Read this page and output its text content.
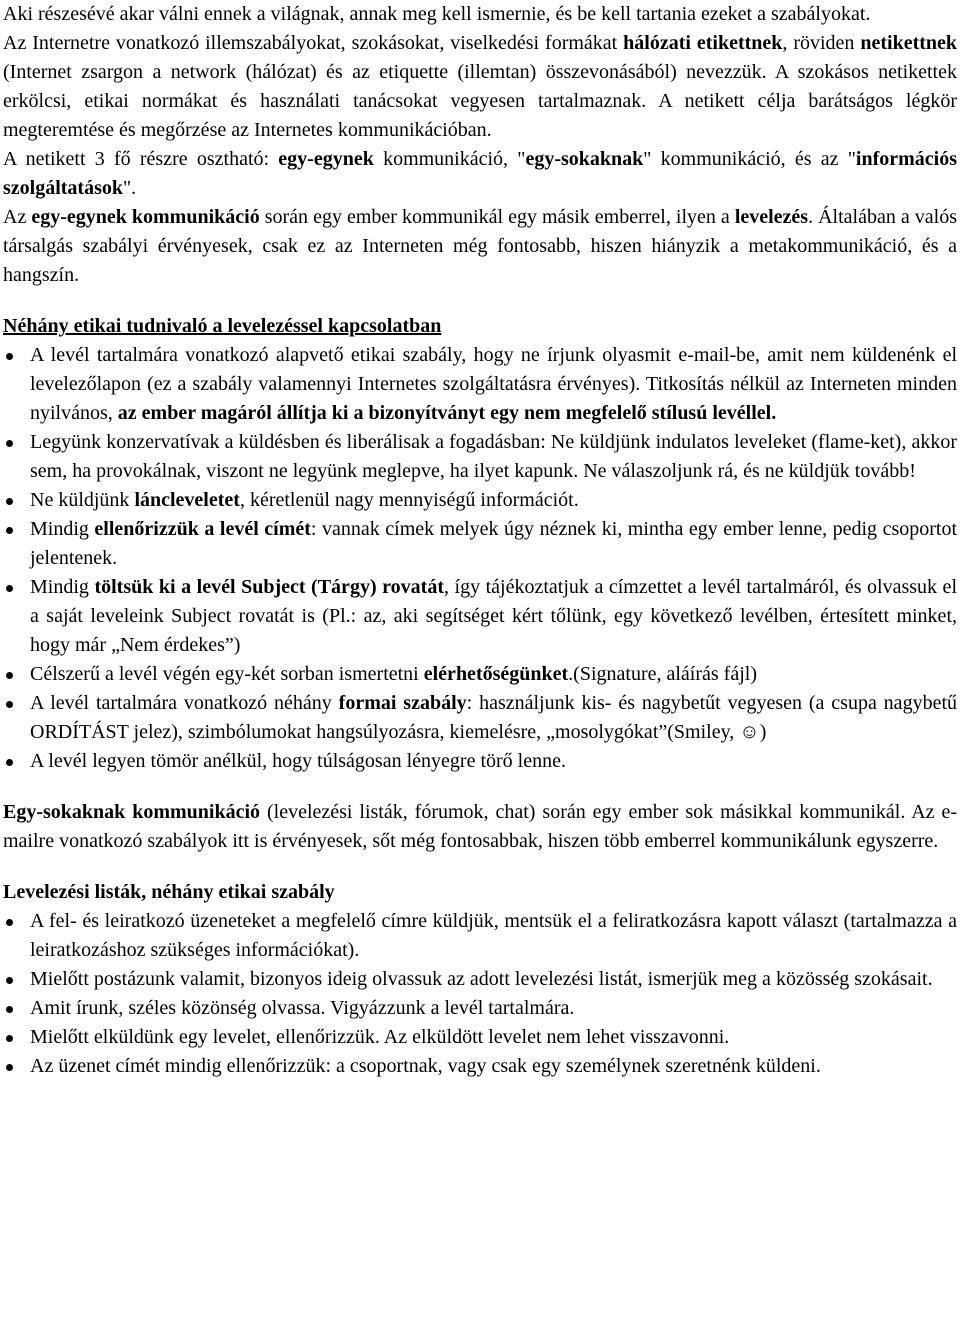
Aki részesévé akar válni ennek a világnak, annak meg kell ismernie, és be kell tartania ezeket a szabályokat.

Az Internetre vonatkozó illemszabályokat, szokásokat, viselkedési formákat hálózati etikettnek, röviden netikettnek (Internet zsargon a network (hálózat) és az etiquette (illemtan) összevonásából) nevezzük. A szokásos netikettek erkölcsi, etikai normákat és használati tanácsokat vegyesen tartalmaznak. A netikett célja barátságos légkör megteremtése és megőrzése az Internetes kommunikációban.

A netikett 3 fő részre osztható: egy-egynek kommunikáció, "egy-sokaknak" kommunikáció, és az "információs szolgáltatások".

Az egy-egynek kommunikáció során egy ember kommunikál egy másik emberrel, ilyen a levelezés. Általában a valós társalgás szabályi érvényesek, csak ez az Interneten még fontosabb, hiszen hiányzik a metakommunikáció, és a hangszín.

Néhány etikai tudnivaló a levelezéssel kapcsolatban
A levél tartalmára vonatkozó alapvető etikai szabály, hogy ne írjunk olyasmit e-mail-be, amit nem küldenénk el levelezőlapon (ez a szabály valamennyi Internetes szolgáltatásra érvényes). Titkosítás nélkül az Interneten minden nyilvános, az ember magáról állítja ki a bizonyítványt egy nem megfelelő stílusú levéllel.
Legyünk konzervatívak a küldésben és liberálisak a fogadásban: Ne küldjünk indulatos leveleket (flame-ket), akkor sem, ha provokálnak, viszont ne legyünk meglepve, ha ilyet kapunk. Ne válaszoljunk rá, és ne küldjük tovább!
Ne küldjünk láncleveletet, kéretlenül nagy mennyiségű információt.
Mindig ellenőrizzük a levél címét: vannak címek melyek úgy néznek ki, mintha egy ember lenne, pedig csoportot jelentenek.
Mindig töltsük ki a levél Subject (Tárgy) rovatát, így tájékoztatjuk a címzettet a levél tartalmáról, és olvassuk el a saját leveleink Subject rovatát is (Pl.: az, aki segítséget kért tőlünk, egy következő levélben, értesített minket, hogy már „Nem érdekes”)
Célszerű a levél végén egy-két sorban ismertetni elérhetőségünket.(Signature, aláírás fájl)
A levél tartalmára vonatkozó néhány formai szabály: használjunk kis- és nagybetűt vegyesen (a csupa nagybetű ORDÍTÁST jelez), szimbólumokat hangsúlyozásra, kiemelésre, „mosolygókat”(Smiley, ☺)
A levél legyen tömör anélkül, hogy túlságosan lényegre törő lenne.

Egy-sokaknak kommunikáció (levelezési listák, fórumok, chat) során egy ember sok másikkal kommunikál. Az e-mailre vonatkozó szabályok itt is érvényesek, sőt még fontosabbak, hiszen több emberrel kommunikálunk egyszerre.

Levelezési listák, néhány etikai szabály
A fel- és leiratkozó üzeneteket a megfelelő címre küldjük, mentsük el a feliratkozásra kapott választ (tartalmazza a leiratkozáshoz szükséges információkat).
Mielőtt postázunk valamit, bizonyos ideig olvassuk az adott levelezési listát, ismerjük meg a közösség szokásait.
Amit írunk, széles közönség olvassa. Vigyázzunk a levél tartalmára.
Mielőtt elküldünk egy levelet, ellenőrizzük. Az elküldött levelet nem lehet visszavonni.
Az üzenet címét mindig ellenőrizzük: a csoportnak, vagy csak egy személynek szeretnénk küldeni.
